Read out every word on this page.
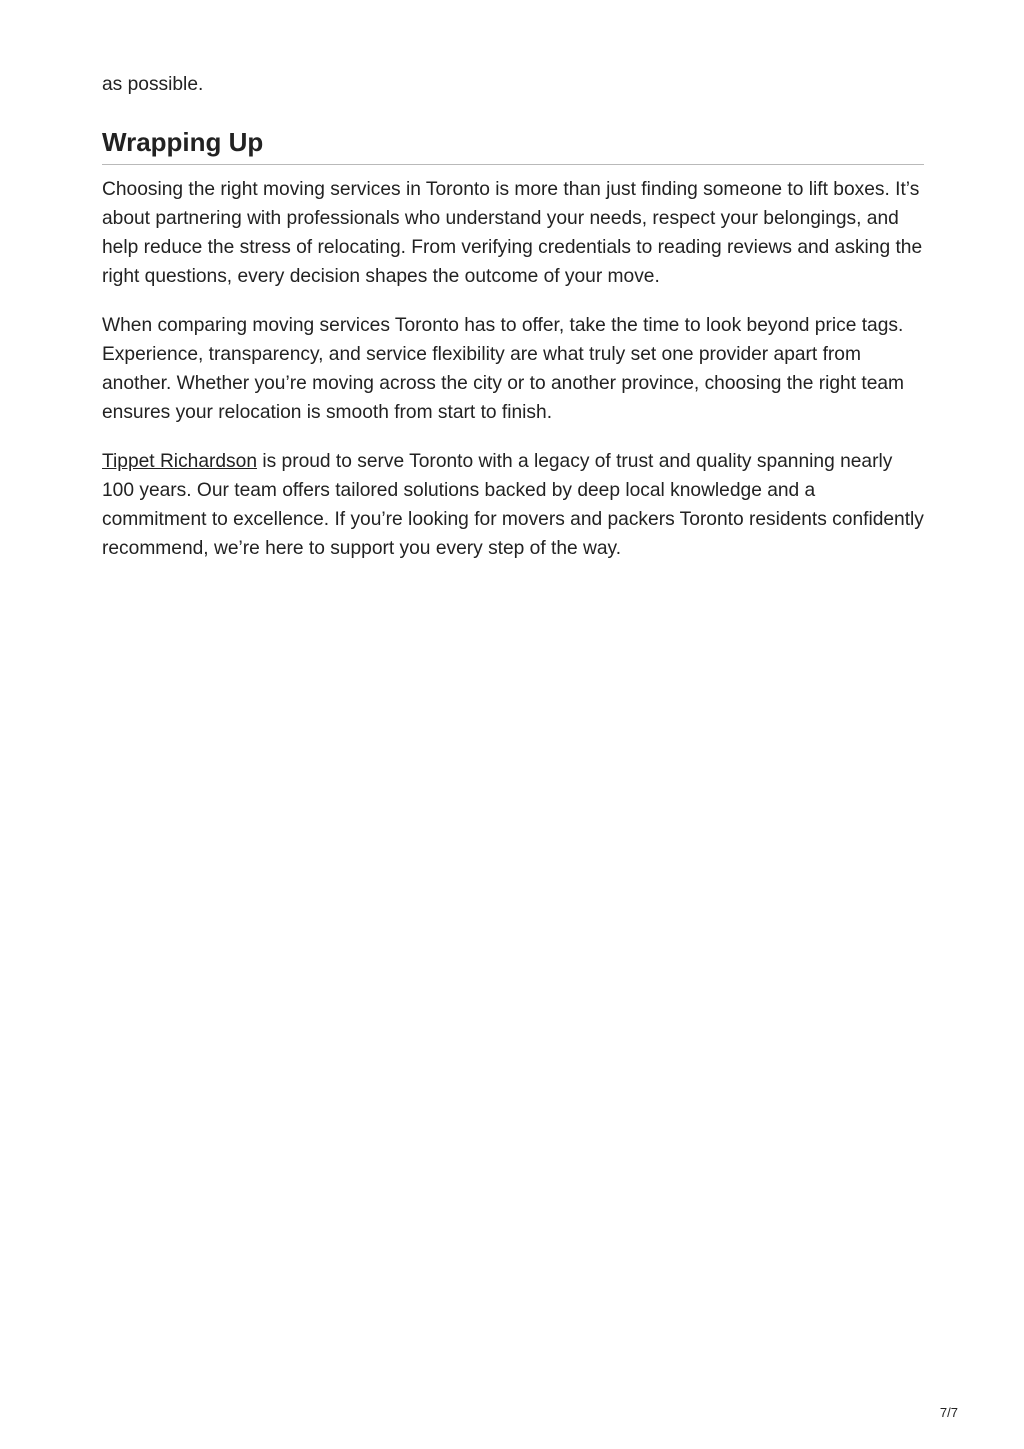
as possible.

Wrapping Up

Choosing the right moving services in Toronto is more than just finding someone to lift boxes. It’s about partnering with professionals who understand your needs, respect your belongings, and help reduce the stress of relocating. From verifying credentials to reading reviews and asking the right questions, every decision shapes the outcome of your move.

When comparing moving services Toronto has to offer, take the time to look beyond price tags. Experience, transparency, and service flexibility are what truly set one provider apart from another. Whether you’re moving across the city or to another province, choosing the right team ensures your relocation is smooth from start to finish.

Tippet Richardson is proud to serve Toronto with a legacy of trust and quality spanning nearly 100 years. Our team offers tailored solutions backed by deep local knowledge and a commitment to excellence. If you’re looking for movers and packers Toronto residents confidently recommend, we’re here to support you every step of the way.

7/7
